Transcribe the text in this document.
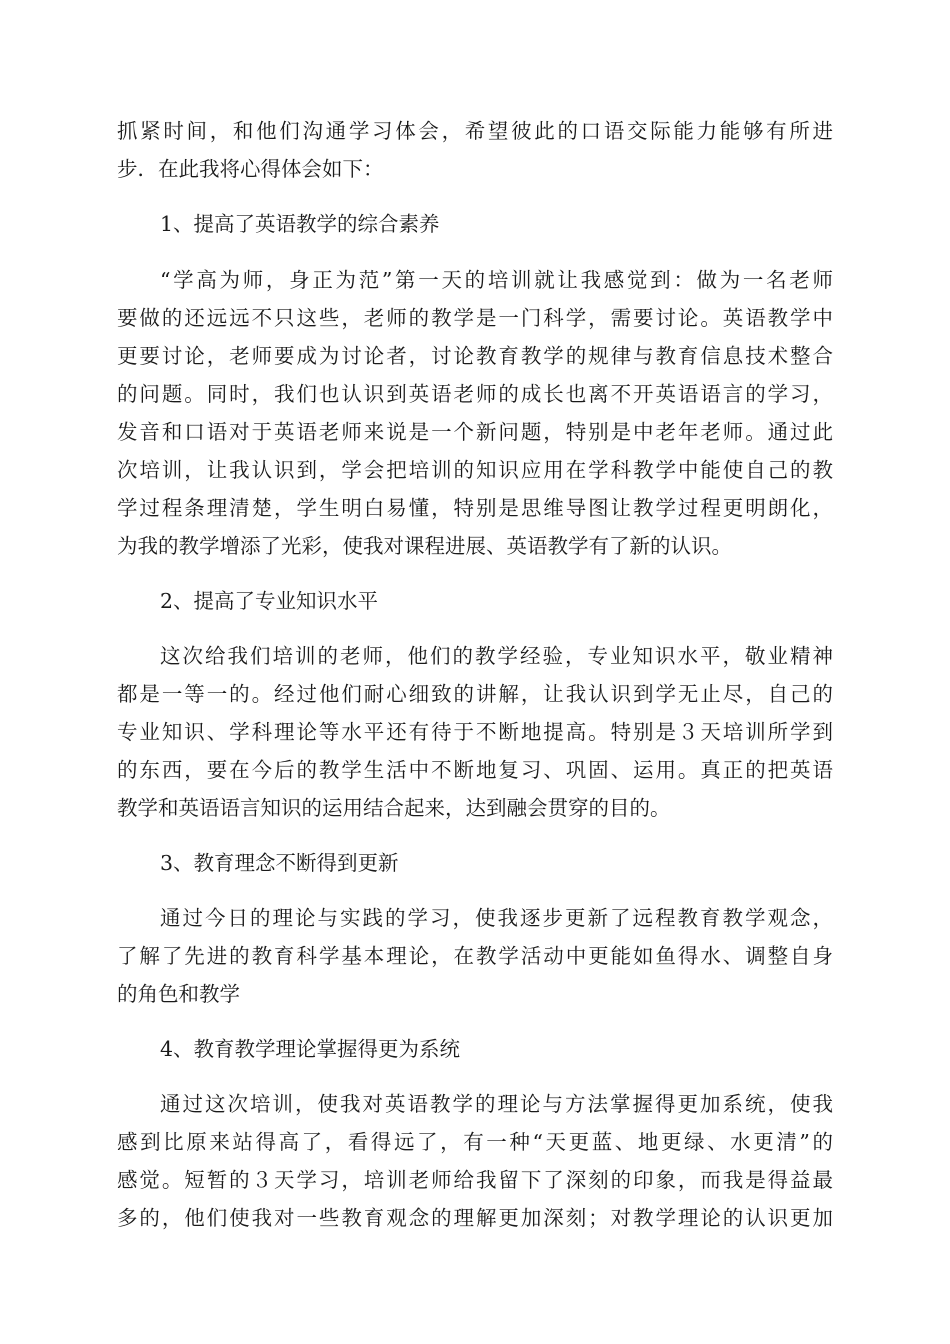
抓紧时间，和他们沟通学习体会，希望彼此的口语交际能力能够有所进
步．在此我将心得体会如下：
1、提高了英语教学的综合素养
“学高为师，身正为范”第一天的培训就让我感觉到：做为一名老师
要做的还远远不只这些，老师的教学是一门科学，需要讨论。英语教学中
更要讨论，老师要成为讨论者，讨论教育教学的规律与教育信息技术整合
的问题。同时，我们也认识到英语老师的成长也离不开英语语言的学习，
发音和口语对于英语老师来说是一个新问题，特别是中老年老师。通过此
次培训，让我认识到，学会把培训的知识应用在学科教学中能使自己的教
学过程条理清楚，学生明白易懂，特别是思维导图让教学过程更明朗化，
为我的教学增添了光彩，使我对课程进展、英语教学有了新的认识。
2、提高了专业知识水平
这次给我们培训的老师，他们的教学经验，专业知识水平，敬业精神
都是一等一的。经过他们耐心细致的讲解，让我认识到学无止尽，自己的
专业知识、学科理论等水平还有待于不断地提高。特别是３天培训所学到
的东西，要在今后的教学生活中不断地复习、巩固、运用。真正的把英语
教学和英语语言知识的运用结合起来，达到融会贯穿的目的。
3、教育理念不断得到更新
通过今日的理论与实践的学习，使我逐步更新了远程教育教学观念，
了解了先进的教育科学基本理论，在教学活动中更能如鱼得水、调整自身
的角色和教学
4、教育教学理论掌握得更为系统
通过这次培训，使我对英语教学的理论与方法掌握得更加系统，使我
感到比原来站得高了，看得远了，有一种“天更蓝、地更绿、水更清”的
感觉。短暂的３天学习，培训老师给我留下了深刻的印象，而我是得益最
多的，他们使我对一些教育观念的理解更加深刻；对教学理论的认识更加
